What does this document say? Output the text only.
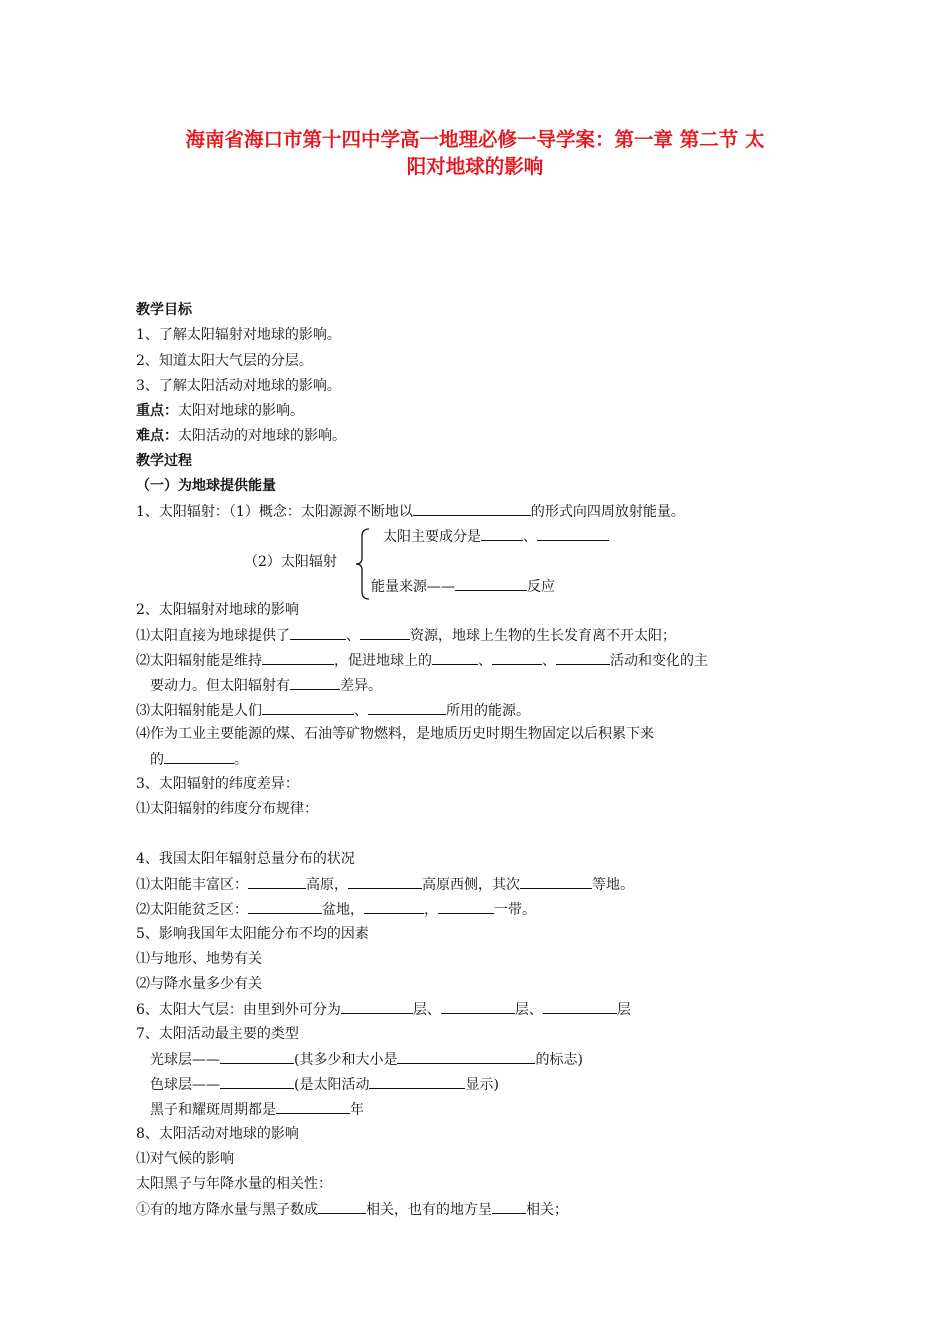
海南省海口市第十四中学高一地理必修一导学案：第一章 第二节 太
阳对地球的影响
教学目标
1、了解太阳辐射对地球的影响。
2、知道太阳大气层的分层。
3、了解太阳活动对地球的影响。
重点：太阳对地球的影响。
难点：太阳活动的对地球的影响。
教学过程
（一）为地球提供能量
1、太阳辐射：（1）概念：太阳源源不断地以	的形式向四周放射能量。
太阳主要成分是	、
（2）太阳辐射
能量来源——	反应
2、太阳辐射对地球的影响
⑴太阳直接为地球提供了	、	资源，地球上生物的生长发育离不开太阳；
⑵太阳辐射能是维持	，促进地球上的	、	、	活动和变化的主
要动力。但太阳辐射有	差异。
⑶太阳辐射能是人们	、	所用的能源。
⑷作为工业主要能源的煤、石油等矿物燃料，是地质历史时期生物固定以后积累下来
的	。
3、太阳辐射的纬度差异：
⑴太阳辐射的纬度分布规律：
4、我国太阳年辐射总量分布的状况
⑴太阳能丰富区：	高原，	高原西侧，其次	等地。
⑵太阳能贫乏区：	盆地，	，	一带。
5、影响我国年太阳能分布不均的因素
⑴与地形、地势有关
⑵与降水量多少有关
6、太阳大气层：由里到外可分为	层、	层、	层
7、太阳活动最主要的类型
光球层——	(其多少和大小是	的标志)
色球层——	(是太阳活动	显示)
黑子和耀斑周期都是	年
8、太阳活动对地球的影响
⑴对气候的影响
太阳黑子与年降水量的相关性：
①有的地方降水量与黑子数成	相关，也有的地方呈 相关；
